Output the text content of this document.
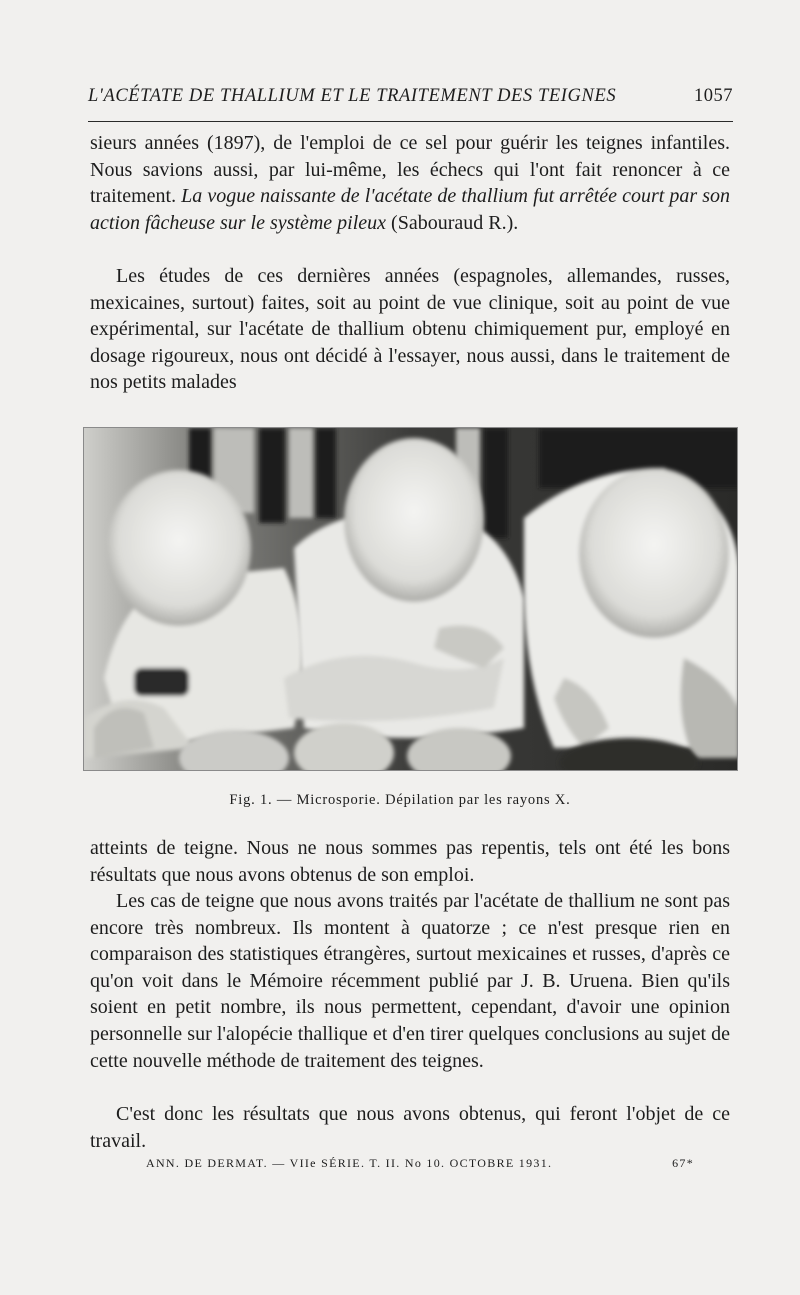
L'ACÉTATE DE THALLIUM ET LE TRAITEMENT DES TEIGNES	1057

sieurs années (1897), de l'emploi de ce sel pour guérir les teignes infantiles. Nous savions aussi, par lui-même, les échecs qui l'ont fait renoncer à ce traitement. La vogue naissante de l'acétate de thallium fut arrêtée court par son action fâcheuse sur le système pileux (Sabouraud R.).

Les études de ces dernières années (espagnoles, allemandes, russes, mexicaines, surtout) faites, soit au point de vue clinique, soit au point de vue expérimental, sur l'acétate de thallium obtenu chimiquement pur, employé en dosage rigoureux, nous ont décidé à l'essayer, nous aussi, dans le traitement de nos petits malades

Fig. 1. — Microsporie. Dépilation par les rayons X.

atteints de teigne. Nous ne nous sommes pas repentis, tels ont été les bons résultats que nous avons obtenus de son emploi.

Les cas de teigne que nous avons traités par l'acétate de thallium ne sont pas encore très nombreux. Ils montent à quatorze ; ce n'est presque rien en comparaison des statistiques étrangères, surtout mexicaines et russes, d'après ce qu'on voit dans le Mémoire récemment publié par J. B. Uruena. Bien qu'ils soient en petit nombre, ils nous permettent, cependant, d'avoir une opinion personnelle sur l'alopécie thallique et d'en tirer quelques conclusions au sujet de cette nouvelle méthode de traitement des teignes.

C'est donc les résultats que nous avons obtenus, qui feront l'objet de ce travail.

ANN. DE DERMAT. — VIIe SÉRIE. T. II. No 10. OCTOBRE 1931.	67*
